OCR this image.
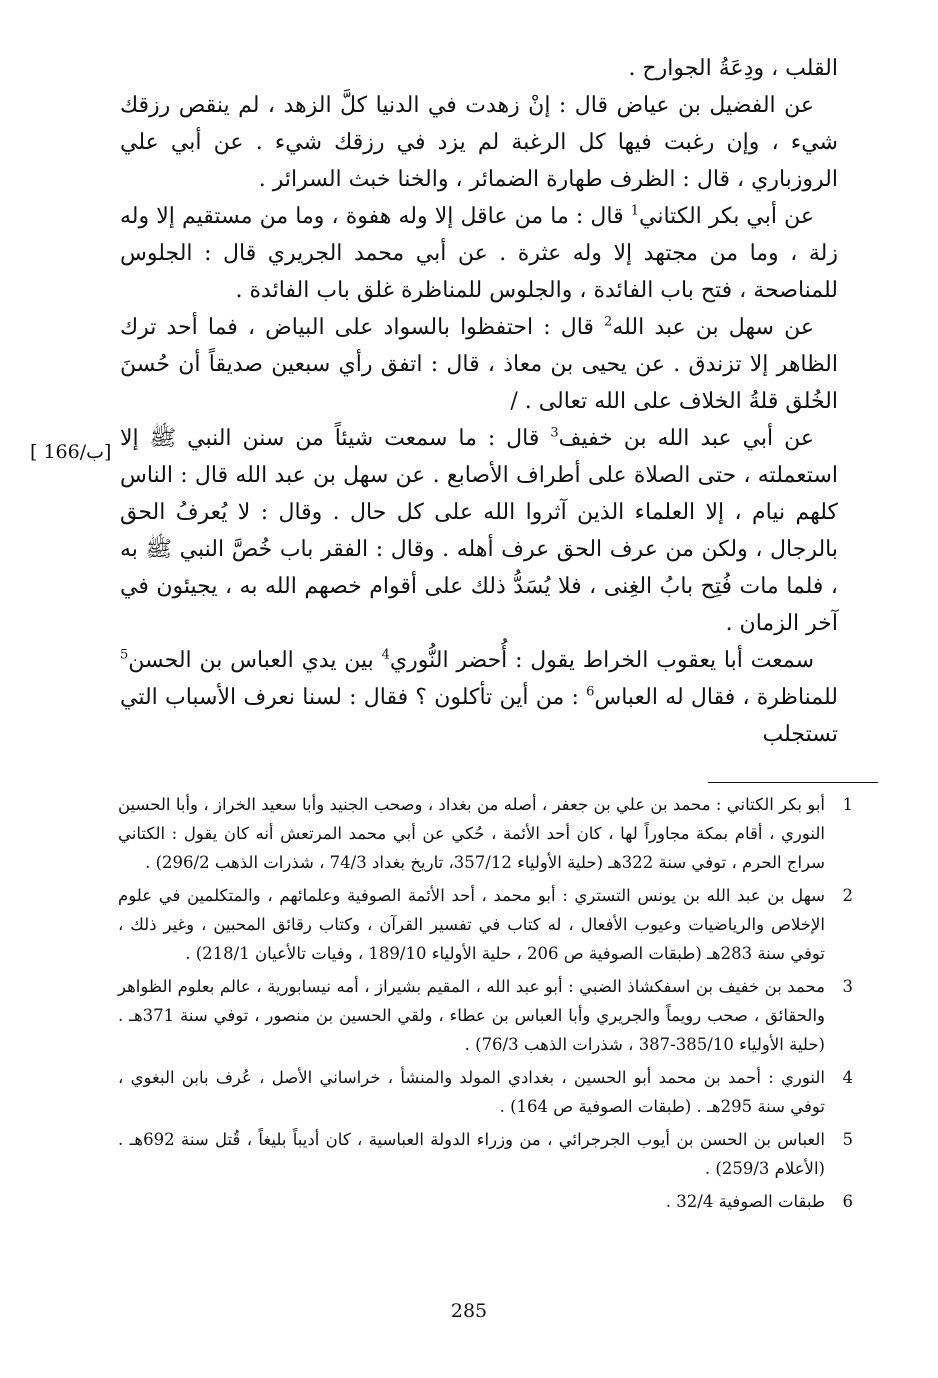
القلب ، ودِعَةُ الجوارح .

عن الفضيل بن عياض قال : إنْ زهدت في الدنيا كلَّ الزهد ، لم ينقص رزقك شيء ، وإن رغبت فيها كل الرغبة لم يزد في رزقك شيء . عن أبي علي الروزباري ، قال : الظرف طهارة الضمائر ، والخنا خبث السرائر .

عن أبي بكر الكتاني$^1$ قال : ما من عاقل إلا وله هفوة ، وما من مستقيم إلا وله زلة ، وما من مجتهد إلا وله عثرة . عن أبي محمد الجريري قال : الجلوس للمناصحة ، فتح باب الفائدة ، والجلوس للمناظرة غلق باب الفائدة .

عن سهل بن عبد الله$^2$ قال : احتفظوا بالسواد على البياض ، فما أحد ترك الظاهر إلا تزندق . عن يحيى بن معاذ ، قال : اتفق رأي سبعين صديقاً أن حُسنَ الخُلق قلةُ الخلاف على الله تعالى . /

عن أبي عبد الله بن خفيف$^3$ قال : ما سمعت شيئاً من سنن النبي ﷺ إلا استعملته ، حتى الصلاة على أطراف الأصابع . عن سهل بن عبد الله قال : الناس كلهم نيام ، إلا العلماء الذين آثروا الله على كل حال . وقال : لا يُعرفُ الحق بالرجال ، ولكن من عرف الحق عرف أهله . وقال : الفقر باب خُصَّ النبي ﷺ به ، فلما مات فُتِح بابُ الغِنى ، فلا يُسَدُّ ذلك على أقوام خصهم الله به ، يجيئون في آخر الزمان .

سمعت أبا يعقوب الخراط يقول : أُحضر النُّوري$^4$ بين يدي العباس بن الحسن$^5$ للمناظرة ، فقال له العباس$^6$ : من أين تأكلون ؟ فقال : لسنا نعرف الأسباب التي تستجلب

[ 166/ب]
1
أبو بكر الكتاني : محمد بن علي بن جعفر ، أصله من بغداد ، وصحب الجنيد وأبا سعيد الخراز ، وأبا الحسين النوري ، أقام بمكة مجاوراً لها ، كان أحد الأئمة ، حُكي عن أبي محمد المرتعش أنه كان يقول : الكتاني سراج الحرم ، توفي سنة 322هـ (حلية الأولياء 357/12، تاريخ بغداد 74/3 ، شذرات الذهب 296/2) .
2
سهل بن عبد الله بن يونس التستري : أبو محمد ، أحد الأئمة الصوفية وعلمائهم ، والمتكلمين في علوم الإخلاص والرياضيات وعيوب الأفعال ، له كتاب في تفسير القرآن ، وكتاب رقائق المحبين ، وغير ذلك ، توفي سنة 283هـ (طبقات الصوفية ص 206 ، حلية الأولياء 189/10 ، وفيات تالأعيان 218/1) .
3
محمد بن خفيف بن اسفكشاذ الضبي : أبو عبد الله ، المقيم بشيراز ، أمه نيسابورية ، عالم بعلوم الظواهر والحقائق ، صحب رويماً والجريري وأبا العباس بن عطاء ، ولقي الحسين بن منصور ، توفي سنة 371هـ . (حلية الأولياء 385/10-387 ، شذرات الذهب 76/3) .
4
النوري : أحمد بن محمد أبو الحسين ، بغدادي المولد والمنشأ ، خراساني الأصل ، عُرف بابن البغوي ، توفي سنة 295هـ . (طبقات الصوفية ص 164) .
5
العباس بن الحسن بن أيوب الجرجرائي ، من وزراء الدولة العباسية ، كان أديباً بليغاً ، قُتل سنة 692هـ . (الأعلام 259/3) .
6
طبقات الصوفية 32/4 .
285
